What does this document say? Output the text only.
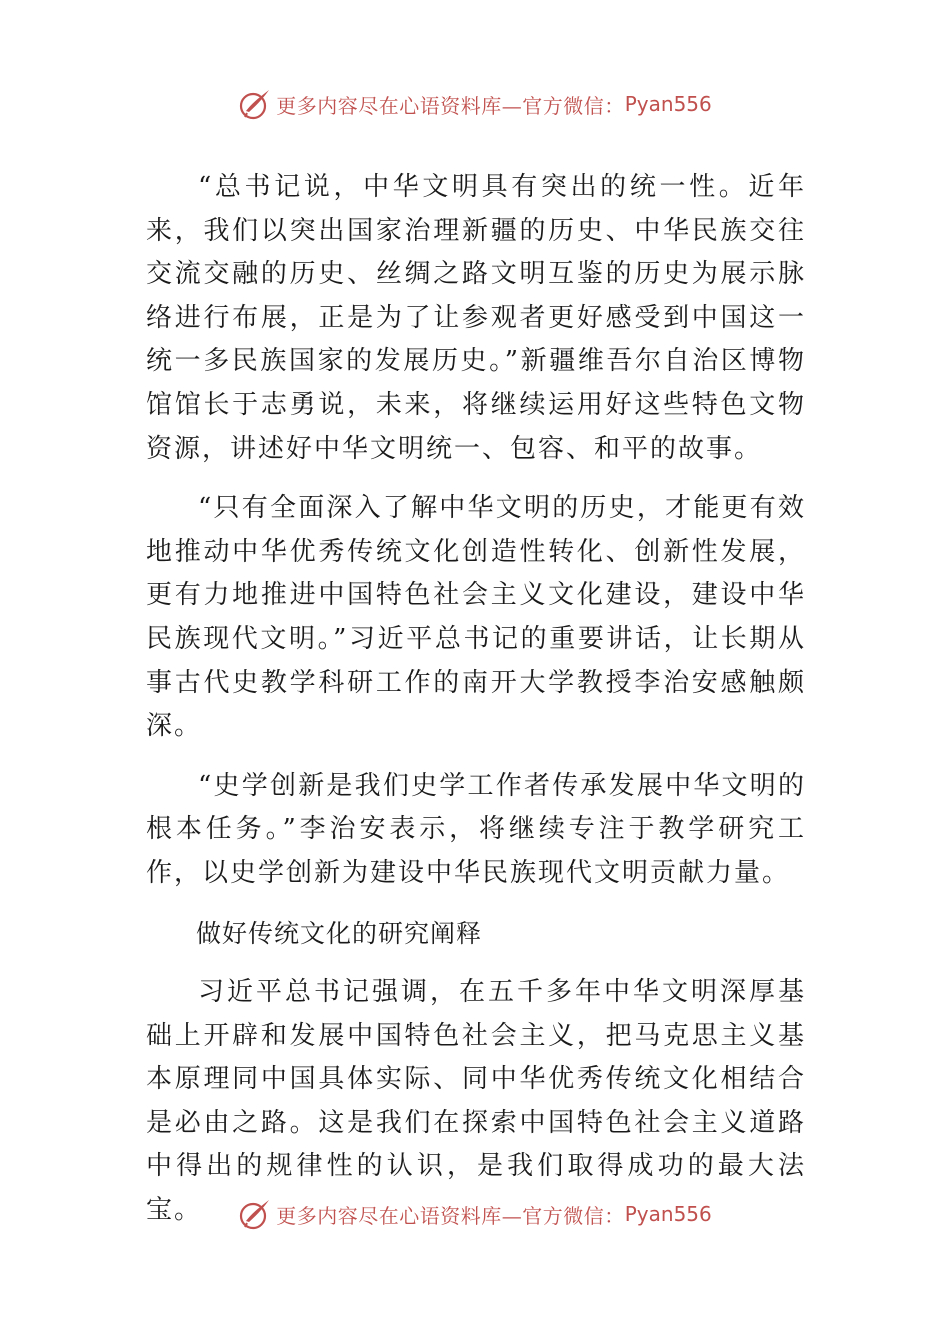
更多内容尽在心语资料库—官方微信： Pyan556

“总书记说，中华文明具有突出的统一性。近年来，我们以突出国家治理新疆的历史、中华民族交往交流交融的历史、丝绸之路文明互鉴的历史为展示脉络进行布展，正是为了让参观者更好感受到中国这一统一多民族国家的发展历史。”新疆维吾尔自治区博物馆馆长于志勇说，未来，将继续运用好这些特色文物资源，讲述好中华文明统一、包容、和平的故事。

“只有全面深入了解中华文明的历史，才能更有效地推动中华优秀传统文化创造性转化、创新性发展，更有力地推进中国特色社会主义文化建设，建设中华民族现代文明。”习近平总书记的重要讲话，让长期从事古代史教学科研工作的南开大学教授李治安感触颇深。

“史学创新是我们史学工作者传承发展中华文明的根本任务。”李治安表示，将继续专注于教学研究工作，以史学创新为建设中华民族现代文明贡献力量。

做好传统文化的研究阐释

习近平总书记强调，在五千多年中华文明深厚基础上开辟和发展中国特色社会主义，把马克思主义基本原理同中国具体实际、同中华优秀传统文化相结合是必由之路。这是我们在探索中国特色社会主义道路中得出的规律性的认识，是我们取得成功的最大法宝。	更多内容尽在心语资料库—官方微信： Pyan556
